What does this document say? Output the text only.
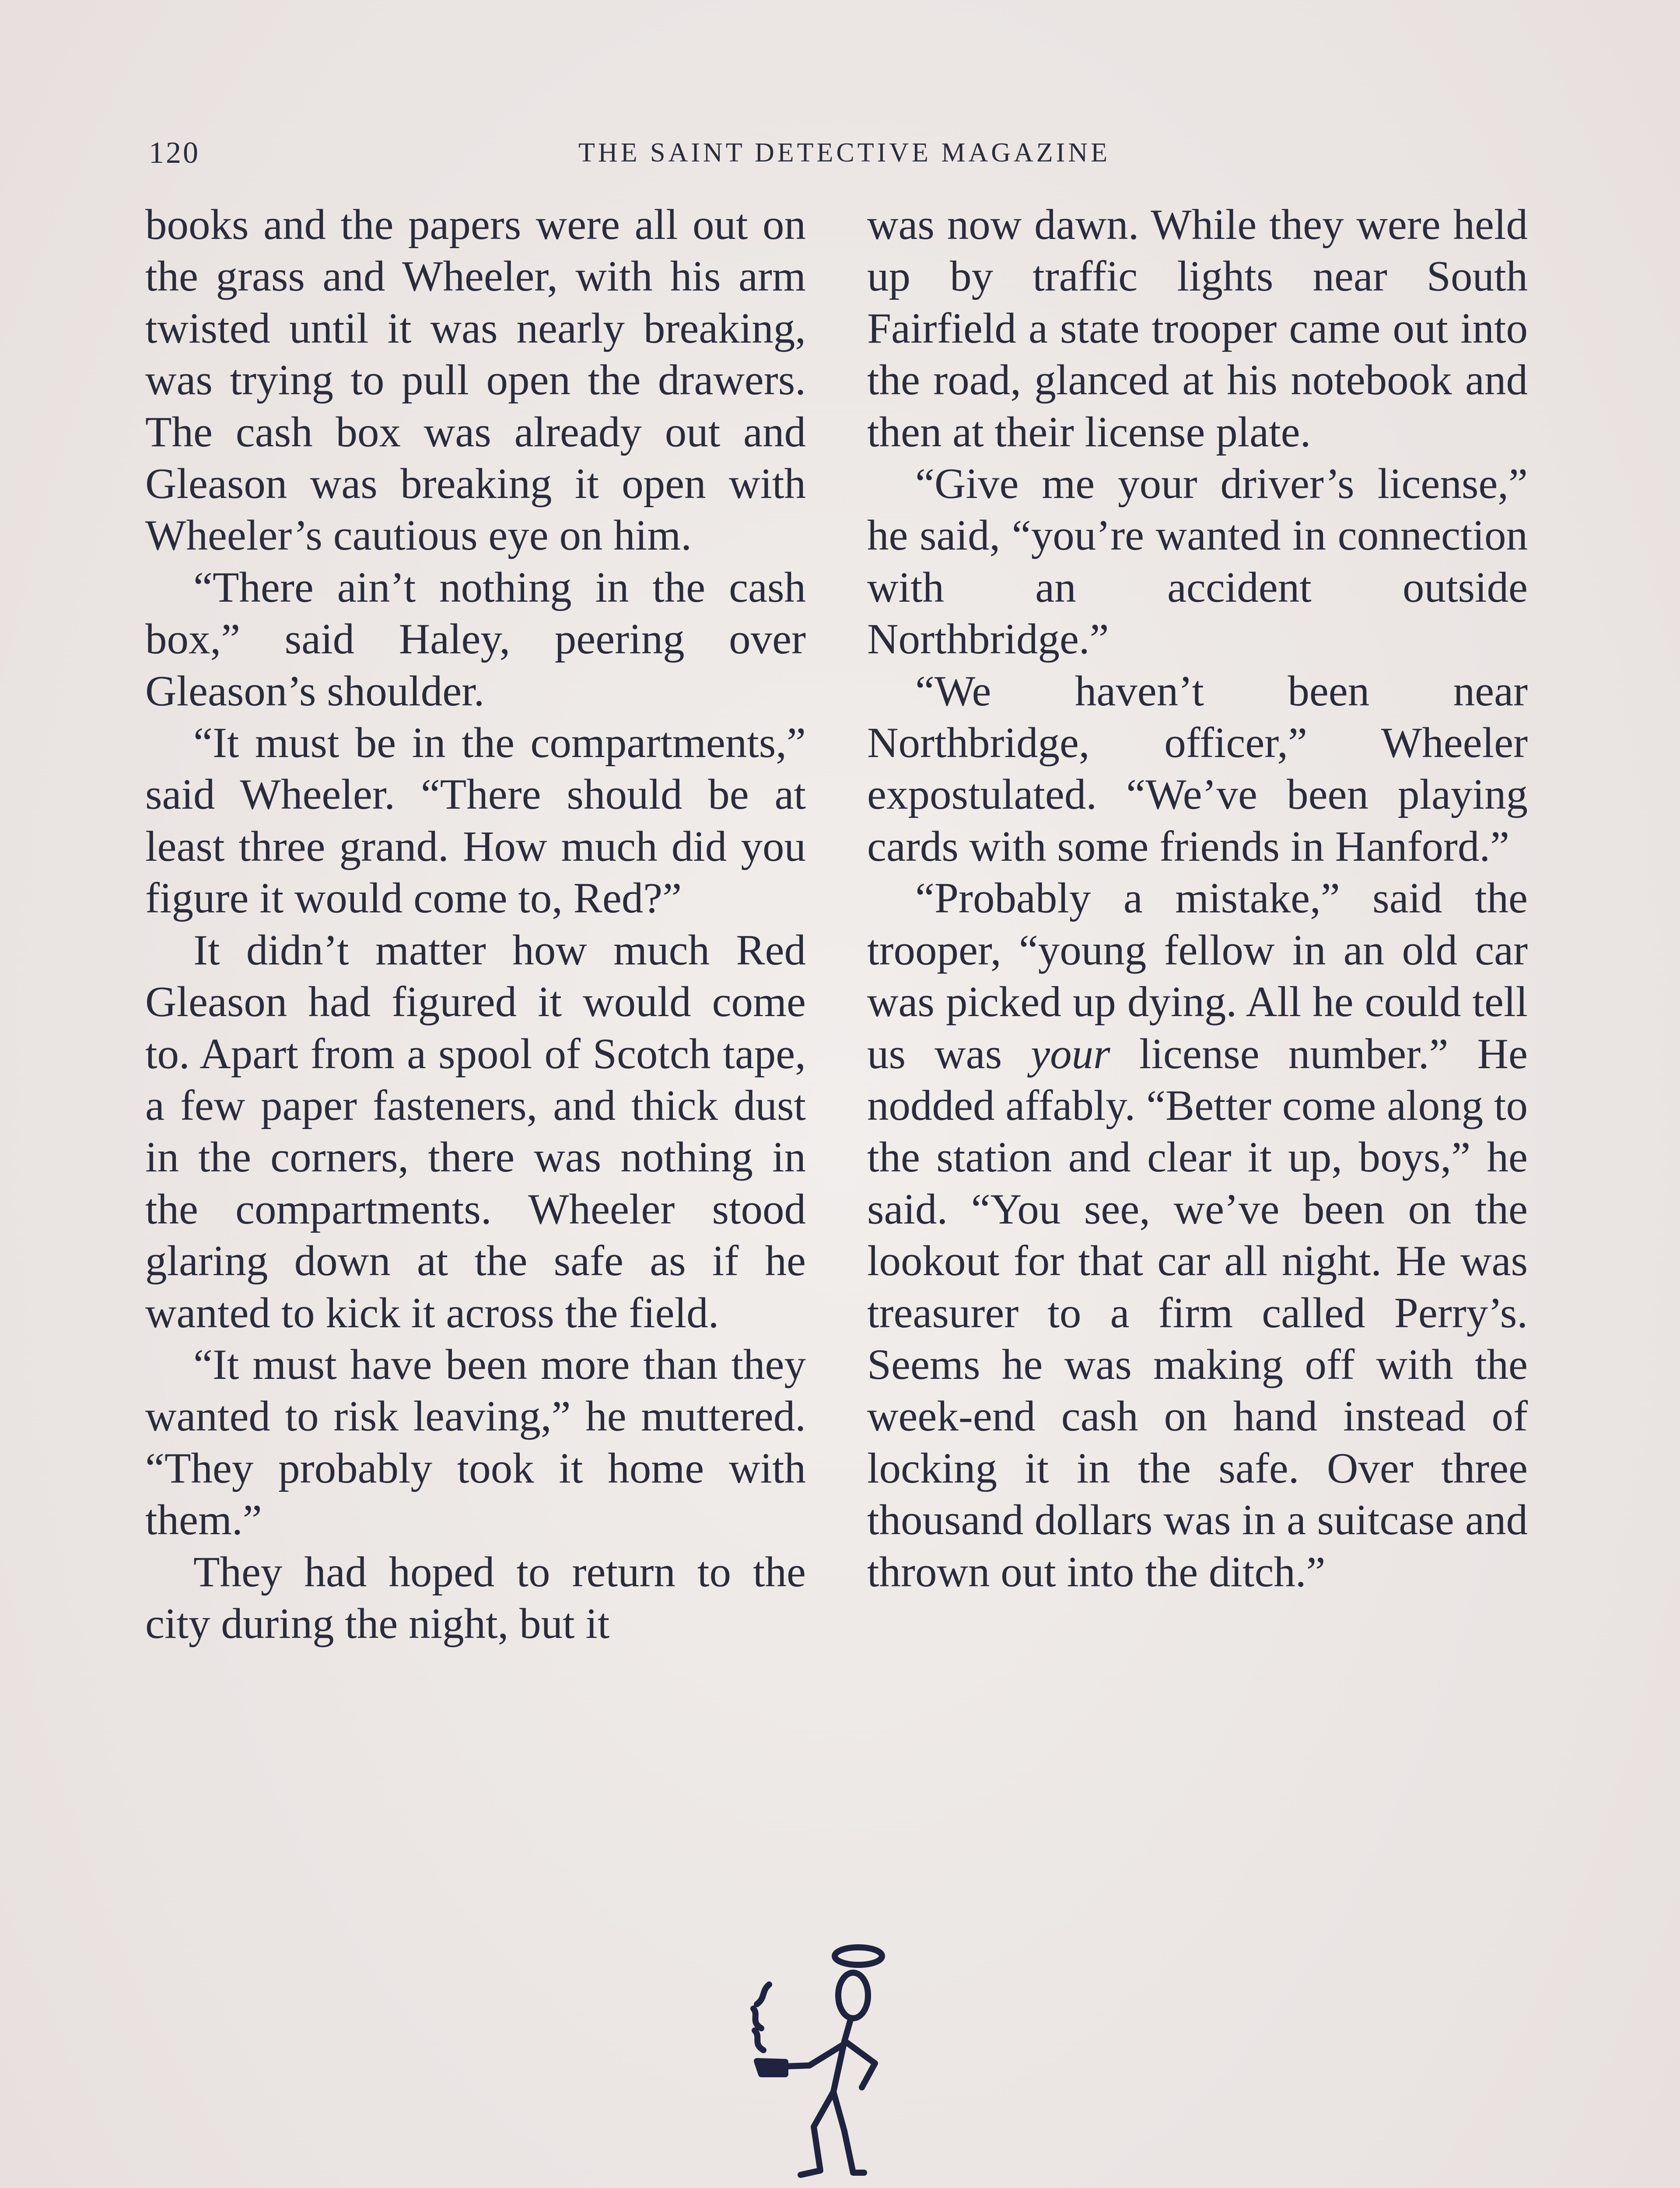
120	THE SAINT DETECTIVE MAGAZINE

books and the papers were all out on the grass and Wheeler, with his arm twisted until it was nearly breaking, was trying to pull open the drawers. The cash box was already out and Gleason was breaking it open with Wheeler’s cautious eye on him.

“There ain’t nothing in the cash box,” said Haley, peering over Gleason’s shoulder.

“It must be in the compartments,” said Wheeler. “There should be at least three grand. How much did you figure it would come to, Red?”

It didn’t matter how much Red Gleason had figured it would come to. Apart from a spool of Scotch tape, a few paper fasteners, and thick dust in the corners, there was nothing in the compartments. Wheeler stood glaring down at the safe as if he wanted to kick it across the field.

“It must have been more than they wanted to risk leaving,” he muttered. “They probably took it home with them.”

They had hoped to return to the city during the night, but it

was now dawn. While they were held up by traffic lights near South Fairfield a state trooper came out into the road, glanced at his notebook and then at their license plate.

“Give me your driver’s license,” he said, “you’re wanted in connection with an accident outside Northbridge.”

“We haven’t been near Northbridge, officer,” Wheeler expostulated. “We’ve been playing cards with some friends in Hanford.”

“Probably a mistake,” said the trooper, “young fellow in an old car was picked up dying. All he could tell us was your license number.” He nodded affably. “Better come along to the station and clear it up, boys,” he said. “You see, we’ve been on the lookout for that car all night. He was treasurer to a firm called Perry’s. Seems he was making off with the week-end cash on hand instead of locking it in the safe. Over three thousand dollars was in a suitcase and thrown out into the ditch.”
